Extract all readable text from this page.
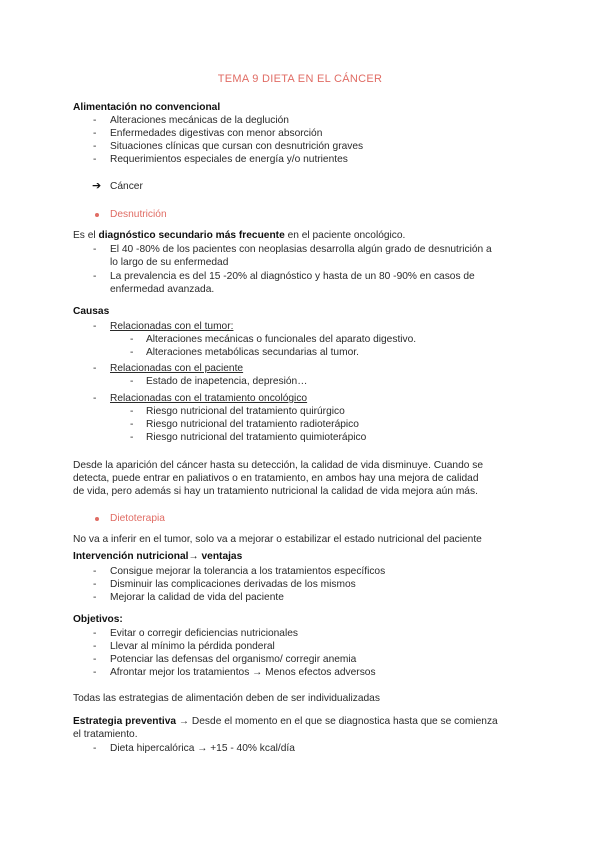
TEMA 9 DIETA EN EL CÁNCER
Alimentación no convencional
- Alteraciones mecánicas de la deglución
- Enfermedades digestivas con menor absorción
- Situaciones clínicas que cursan con desnutrición graves
- Requerimientos especiales de energía y/o nutrientes
➔ Cáncer
Desnutrición
Es el diagnóstico secundario más frecuente en el paciente oncológico.
- El 40 -80% de los pacientes con neoplasias desarrolla algún grado de desnutrición a
lo largo de su enfermedad
- La prevalencia es del 15 -20% al diagnóstico y hasta de un 80 -90% en casos de
enfermedad avanzada.
Causas
- Relacionadas con el tumor:
- Alteraciones mecánicas o funcionales del aparato digestivo.
- Alteraciones metabólicas secundarias al tumor.
- Relacionadas con el paciente
- Estado de inapetencia, depresión…
- Relacionadas con el tratamiento oncológico
- Riesgo nutricional del tratamiento quirúrgico
- Riesgo nutricional del tratamiento radioterápico
- Riesgo nutricional del tratamiento quimioterápico
Desde la aparición del cáncer hasta su detección, la calidad de vida disminuye. Cuando se
detecta, puede entrar en paliativos o en tratamiento, en ambos hay una mejora de calidad
de vida, pero además si hay un tratamiento nutricional la calidad de vida mejora aún más.
Dietoterapia
No va a inferir en el tumor, solo va a mejorar o estabilizar el estado nutricional del paciente
Intervención nutricional→ ventajas
- Consigue mejorar la tolerancia a los tratamientos específicos
- Disminuir las complicaciones derivadas de los mismos
- Mejorar la calidad de vida del paciente
Objetivos:
- Evitar o corregir deficiencias nutricionales
- Llevar al mínimo la pérdida ponderal
- Potenciar las defensas del organismo/ corregir anemia
- Afrontar mejor los tratamientos → Menos efectos adversos
Todas las estrategias de alimentación deben de ser individualizadas
Estrategia preventiva → Desde el momento en el que se diagnostica hasta que se comienza
el tratamiento.
- Dieta hipercalórica → +15 - 40% kcal/día
